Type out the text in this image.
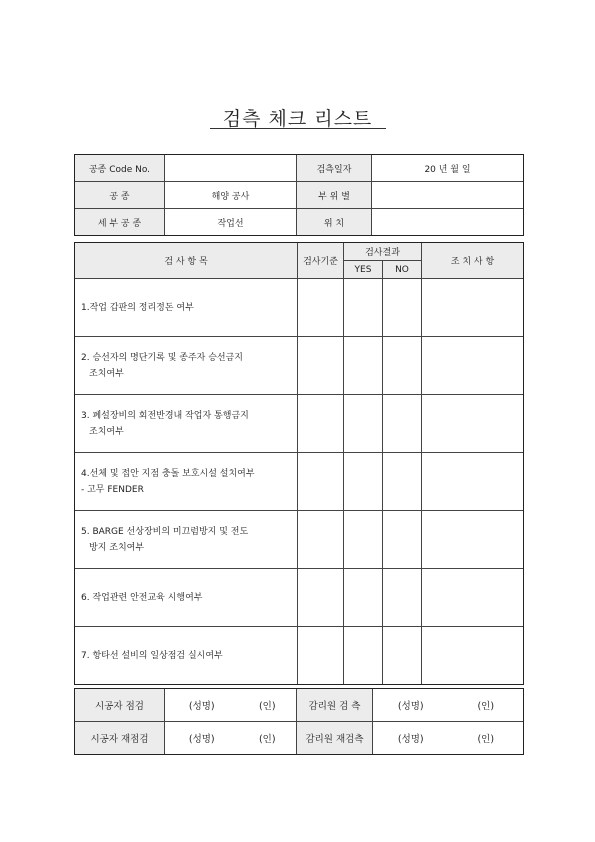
검측 체크 리스트
공종 Code No.		검측일자	20 년 월 일
공 종	해양 공사	부 위 별	
세 부 공 종	작업선	위 치	
검 사 항 목	검사기준	검사결과		조 치 사 항
		YES	NO	

1.작업 갑판의 정리정돈 여부				

2. 승선자의 명단기록 및 종주자 승선금지
조치여부				

3. 폐설장비의 회전반경내 작업자 통행금지
조치여부				

4.선체 및 접안 지점 충돌 보호시설 설치여부
- 고무 FENDER				

5. BARGE 선상장비의 미끄럼방지 및 전도
방지 조치여부				

6. 작업관련 안전교육 시행여부				

7. 항타선 설비의 일상점검 실시여부				

시공자 점검	(성명)	(인)	감리원 검 측	(성명)	(인)
시공자 재점검	(성명)	(인)	감리원 재검측	(성명)	(인)
